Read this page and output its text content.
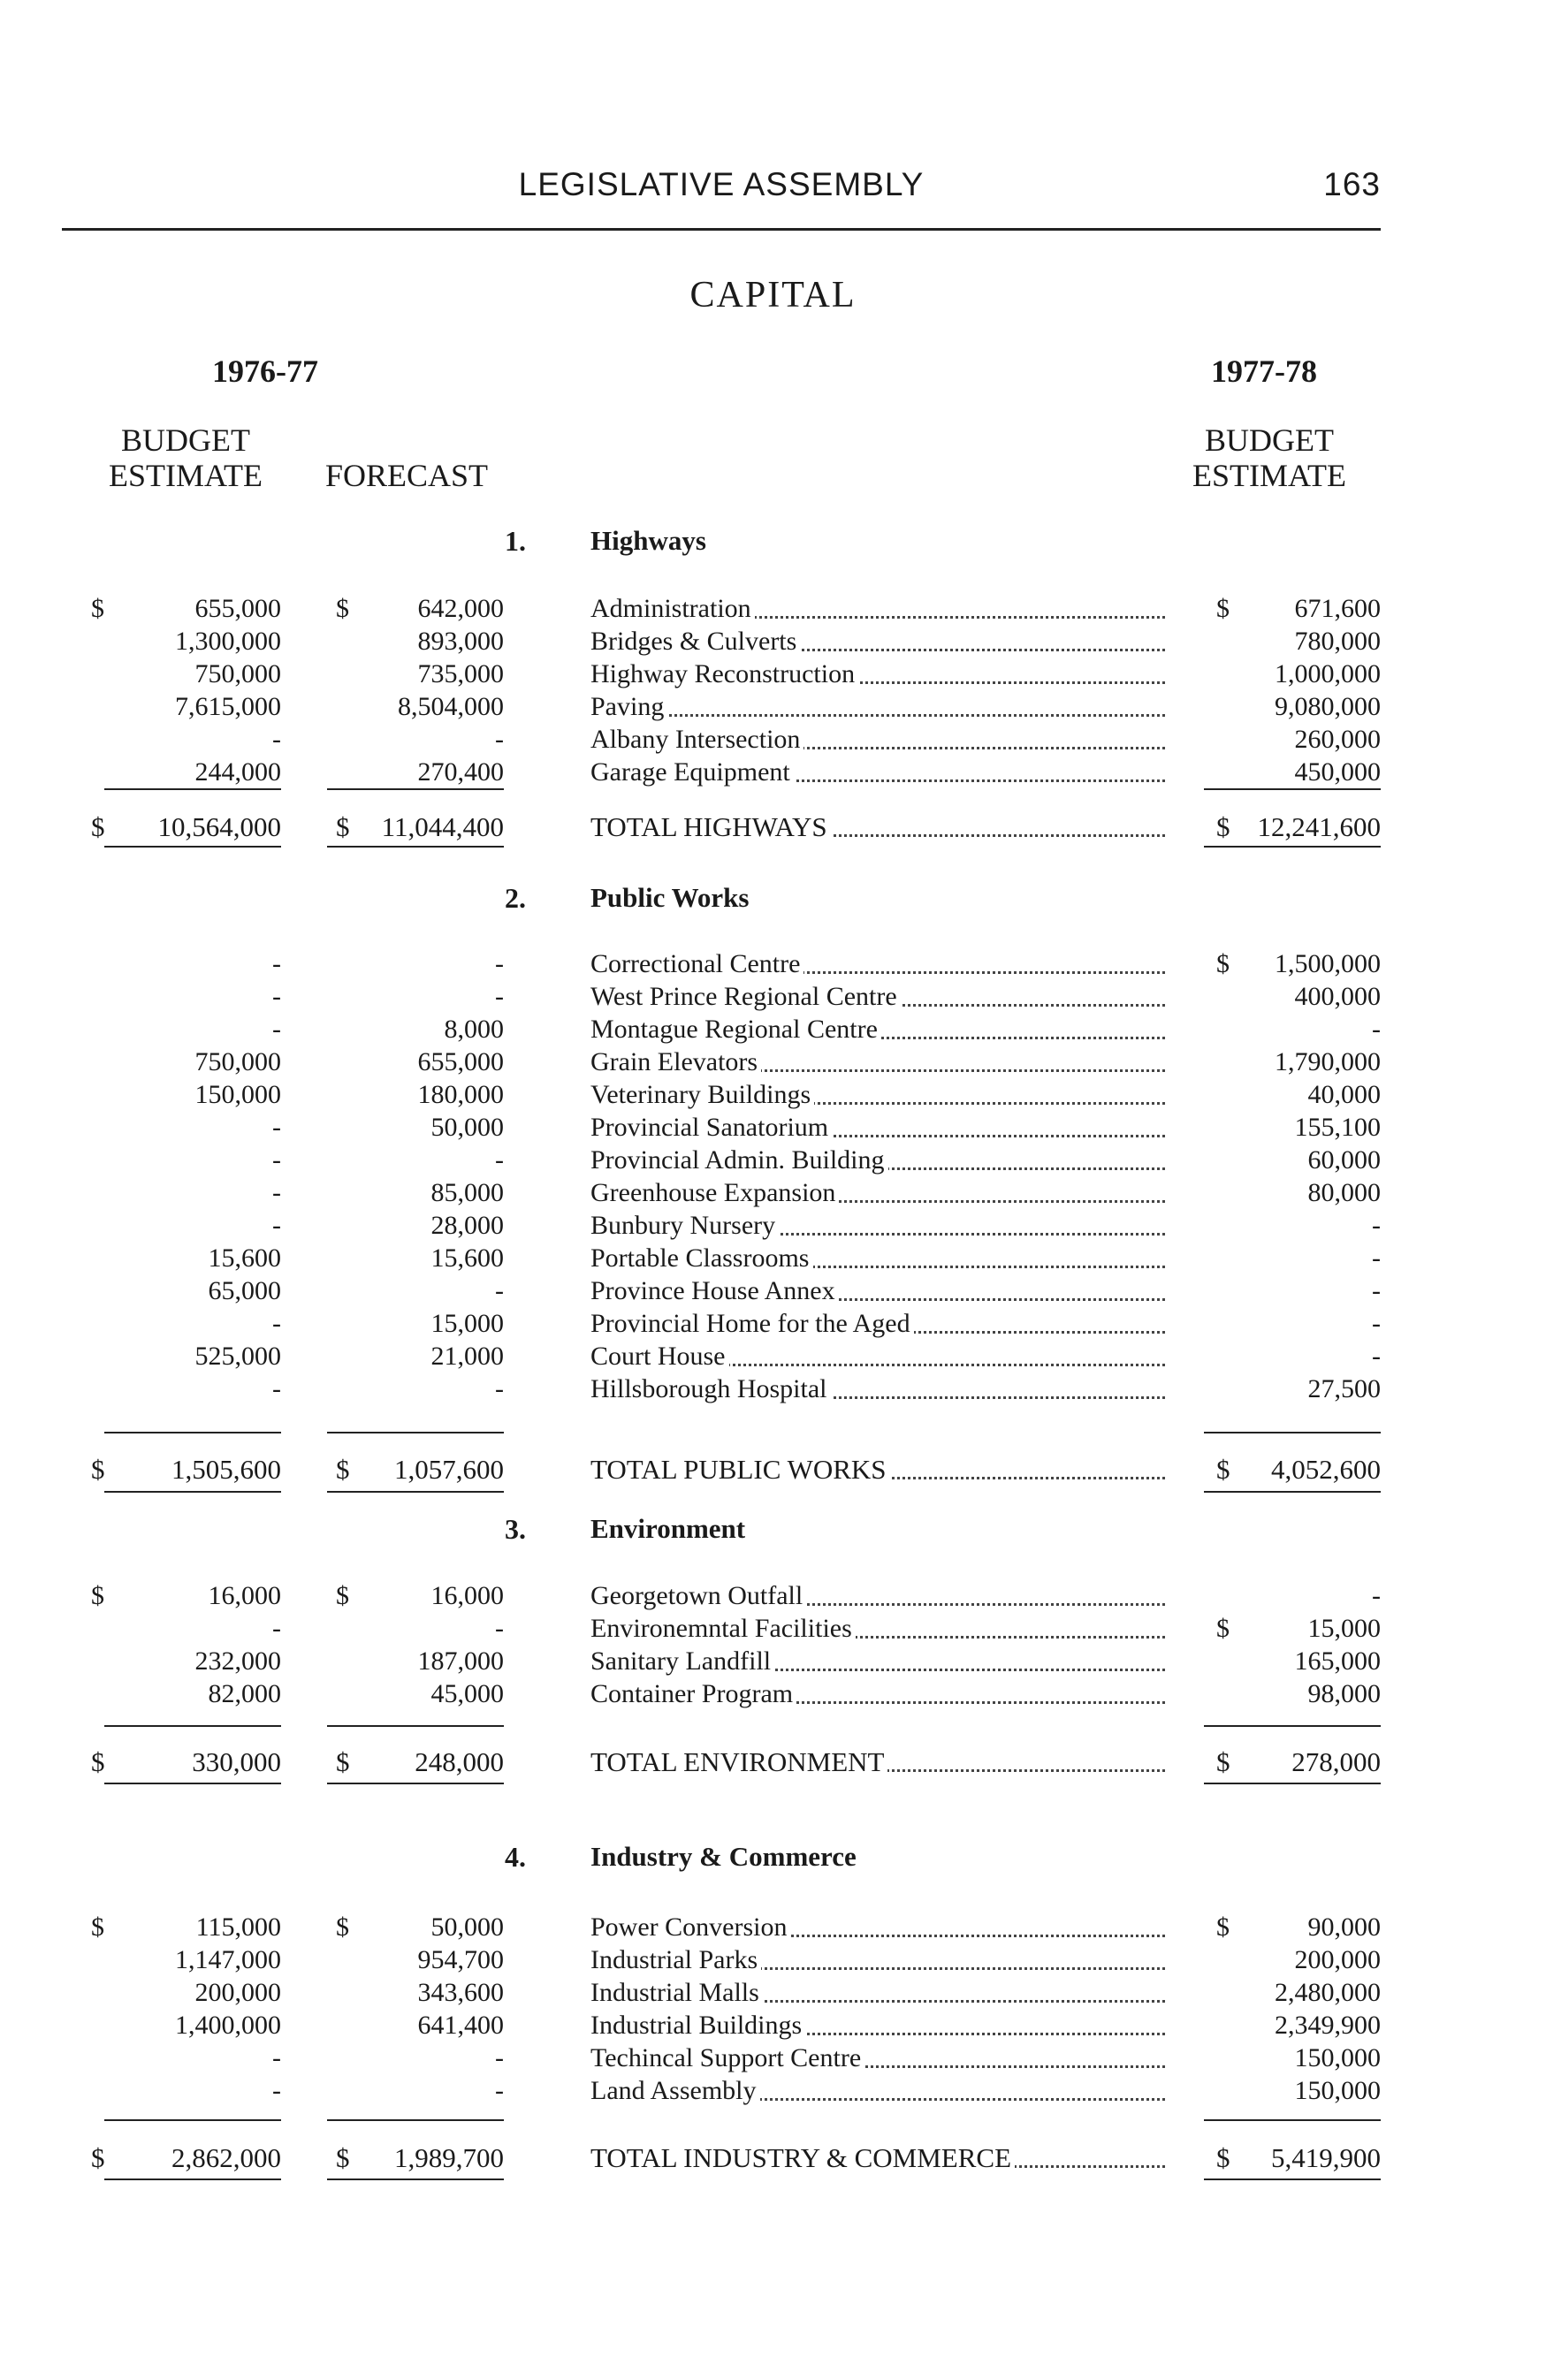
LEGISLATIVE ASSEMBLY	163
CAPITAL
1976-77	1977-78
BUDGET
ESTIMATE	FORECAST
BUDGET
ESTIMATE
1. Highways
$	655,000 $	642,000	Administration	$	671,600
1,300,000	893,000	Bridges & Culverts	780,000
750,000	735,000	Highway Reconstruction	1,000,000
7,615,000	8,504,000	Paving	9,080,000
-	-	Albany Intersection	260,000
244,000	270,400	Garage Equipment	450,000
$	10,564,000 $	11,044,400	TOTAL HIGHWAYS	$	12,241,600
2. Public Works
-	-	Correctional Centre	$	1,500,000
-	-	West Prince Regional Centre	400,000
-	8,000	Montague Regional Centre	-
750,000	655,000	Grain Elevators	1,790,000
150,000	180,000	Veterinary Buildings	40,000
-	50,000	Provincial Sanatorium	155,100
-	-	Provincial Admin. Building	60,000
-	85,000	Greenhouse Expansion	80,000
-	28,000	Bunbury Nursery	-
15,600	15,600	Portable Classrooms	-
65,000	-	Province House Annex	-
-	15,000	Provincial Home for the Aged	-
525,000	21,000	Court House	-
-	-	Hillsborough Hospital	27,500
$	1,505,600 $	1,057,600	TOTAL PUBLIC WORKS	$	4,052,600
3. Environment
$	16,000 $	16,000	Georgetown Outfall	-
-	-	Environemntal Facilities	$	15,000
232,000	187,000	Sanitary Landfill	165,000
82,000	45,000	Container Program	98,000
$	330,000 $	248,000	TOTAL ENVIRONMENT	$	278,000
4. Industry & Commerce
$	115,000 $	50,000	Power Conversion	$	90,000
1,147,000	954,700	Industrial Parks	200,000
200,000	343,600	Industrial Malls	2,480,000
1,400,000	641,400	Industrial Buildings	2,349,900
-	-	Techincal Support Centre	150,000
-	-	Land Assembly	150,000
$	2,862,000 $	1,989,700	TOTAL INDUSTRY & COMMERCE	$	5,419,900
